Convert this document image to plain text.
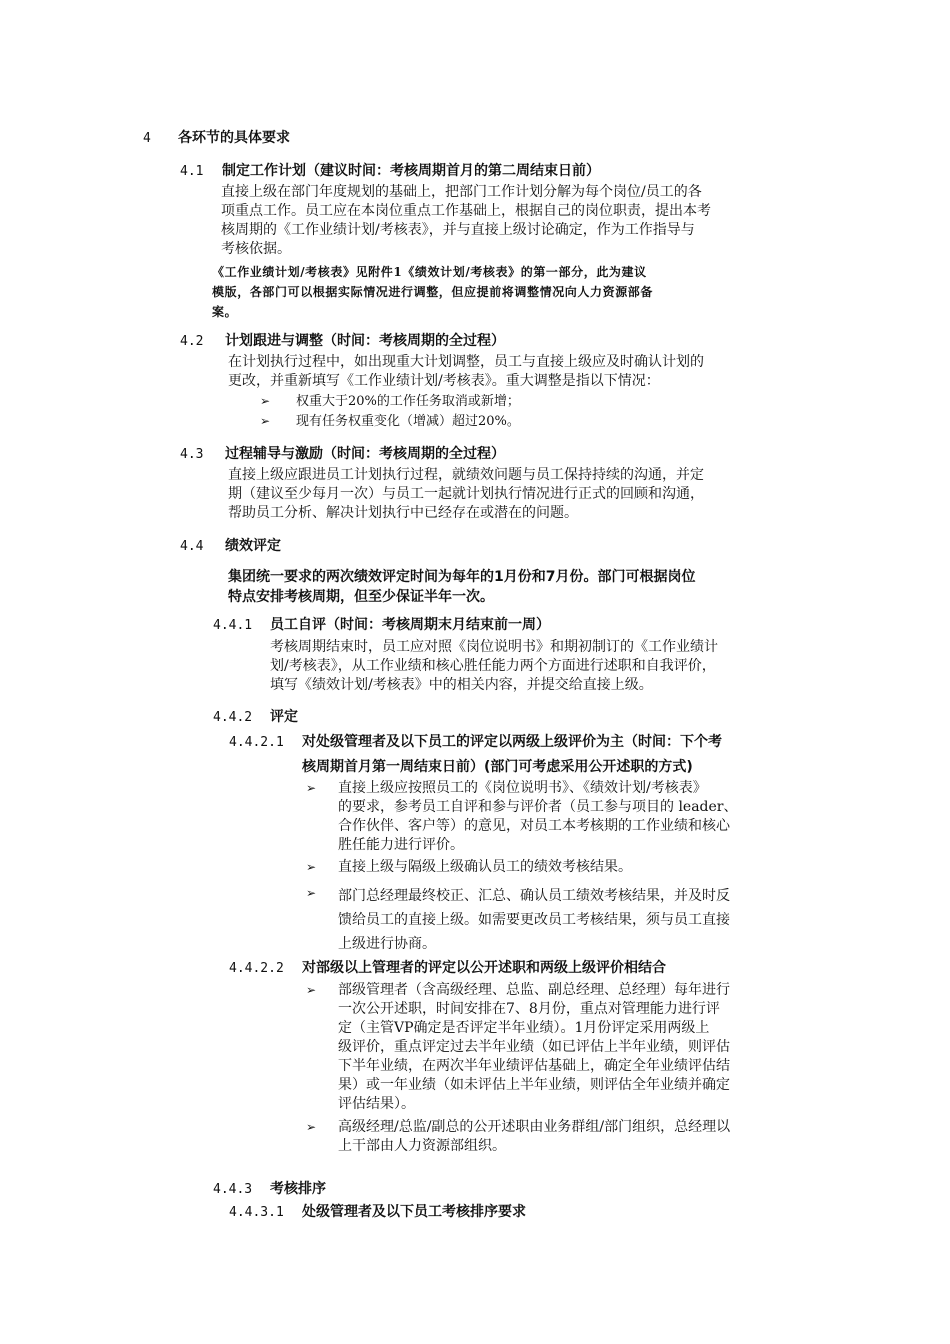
4 各环节的具体要求
4.1 制定工作计划（建议时间：考核周期首月的第二周结束日前）
直接上级在部门年度规划的基础上，把部门工作计划分解为每个岗位/员工的各
项重点工作。员工应在本岗位重点工作基础上，根据自己的岗位职责，提出本考
核周期的《工作业绩计划/考核表》，并与直接上级讨论确定，作为工作指导与
考核依据。
《工作业绩计划/考核表》见附件1《绩效计划/考核表》的第一部分，此为建议
模版，各部门可以根据实际情况进行调整，但应提前将调整情况向人力资源部备
案。
4.2 计划跟进与调整（时间：考核周期的全过程）
在计划执行过程中，如出现重大计划调整，员工与直接上级应及时确认计划的
更改，并重新填写《工作业绩计划/考核表》。重大调整是指以下情况：
➢ 权重大于20%的工作任务取消或新增；
➢ 现有任务权重变化（增减）超过20%。
4.3 过程辅导与激励（时间：考核周期的全过程）
直接上级应跟进员工计划执行过程，就绩效问题与员工保持持续的沟通，并定
期（建议至少每月一次）与员工一起就计划执行情况进行正式的回顾和沟通，
帮助员工分析、解决计划执行中已经存在或潜在的问题。
4.4 绩效评定
集团统一要求的两次绩效评定时间为每年的1月份和7月份。部门可根据岗位
特点安排考核周期，但至少保证半年一次。
4.4.1 员工自评（时间：考核周期末月结束前一周）
考核周期结束时，员工应对照《岗位说明书》和期初制订的《工作业绩计
划/考核表》，从工作业绩和核心胜任能力两个方面进行述职和自我评价，
填写《绩效计划/考核表》中的相关内容，并提交给直接上级。
4.4.2 评定
4.4.2.1 对处级管理者及以下员工的评定以两级上级评价为主（时间：下个考
核周期首月第一周结束日前）(部门可考虑采用公开述职的方式)
➢ 直接上级应按照员工的《岗位说明书》、《绩效计划/考核表》
的要求，参考员工自评和参与评价者（员工参与项目的 leader、
合作伙伴、客户等）的意见，对员工本考核期的工作业绩和核心
胜任能力进行评价。
➢ 直接上级与隔级上级确认员工的绩效考核结果。
➢ 部门总经理最终校正、汇总、确认员工绩效考核结果，并及时反
馈给员工的直接上级。如需要更改员工考核结果，须与员工直接
上级进行协商。
4.4.2.2 对部级以上管理者的评定以公开述职和两级上级评价相结合
➢ 部级管理者（含高级经理、总监、副总经理、总经理）每年进行
一次公开述职，时间安排在7、8月份，重点对管理能力进行评
定（主管VP确定是否评定半年业绩）。1月份评定采用两级上
级评价，重点评定过去半年业绩（如已评估上半年业绩，则评估
下半年业绩，在两次半年业绩评估基础上，确定全年业绩评估结
果）或一年业绩（如未评估上半年业绩，则评估全年业绩并确定
评估结果）。
➢ 高级经理/总监/副总的公开述职由业务群组/部门组织，总经理以
上干部由人力资源部组织。
4.4.3 考核排序
4.4.3.1 处级管理者及以下员工考核排序要求
